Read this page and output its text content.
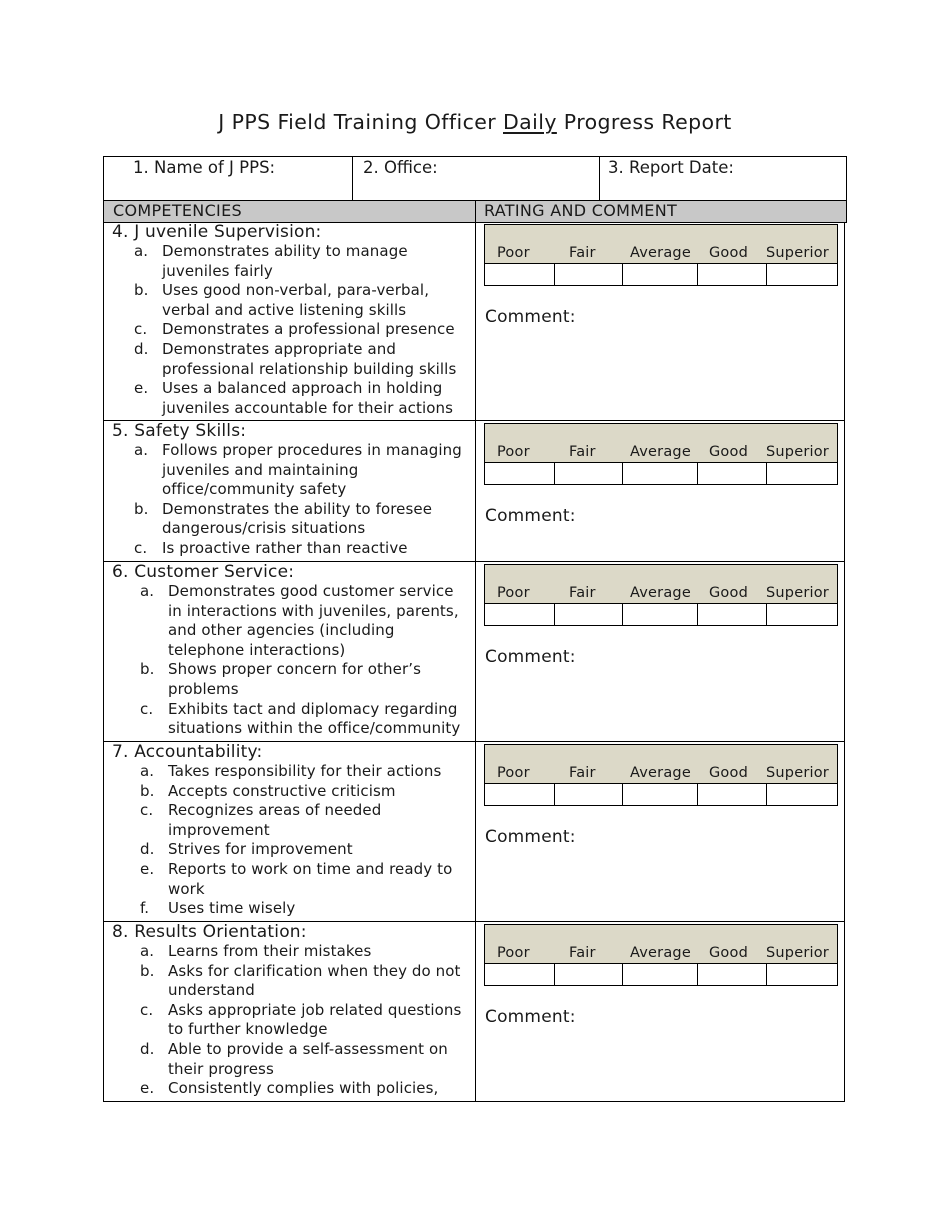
J PPS Field Training Officer Daily Progress Report
1. Name of J PPS:	2. Office:	3. Report Date:
COMPETENCIES	RATING AND COMMENT
4. J uvenile Supervision:
a. Demonstrates ability to manage juveniles fairly
b. Uses good non-verbal, para-verbal, verbal and active listening skills
c. Demonstrates a professional presence
d. Demonstrates appropriate and professional relationship building skills
e. Uses a balanced approach in holding juveniles accountable for their actions
Poor	Fair Average Good Superior
Comment:
5. Safety Skills:
a. Follows proper procedures in managing juveniles and maintaining office/community safety
b. Demonstrates the ability to foresee dangerous/crisis situations
c. Is proactive rather than reactive
Poor	Fair Average Good Superior
Comment:
6. Customer Service:
a. Demonstrates good customer service in interactions with juveniles, parents, and other agencies (including telephone interactions)
b. Shows proper concern for other’s problems
c. Exhibits tact and diplomacy regarding situations within the office/community
Poor	Fair Average Good Superior
Comment:
7. Accountability:
a. Takes responsibility for their actions
b. Accepts constructive criticism
c. Recognizes areas of needed improvement
d. Strives for improvement
e. Reports to work on time and ready to work
f. Uses time wisely
Poor	Fair Average Good Superior
Comment:
8. Results Orientation:
a. Learns from their mistakes
b. Asks for clarification when they do not understand
c. Asks appropriate job related questions to further knowledge
d. Able to provide a self-assessment on their progress
e. Consistently complies with policies,
Poor	Fair Average Good Superior
Comment:
